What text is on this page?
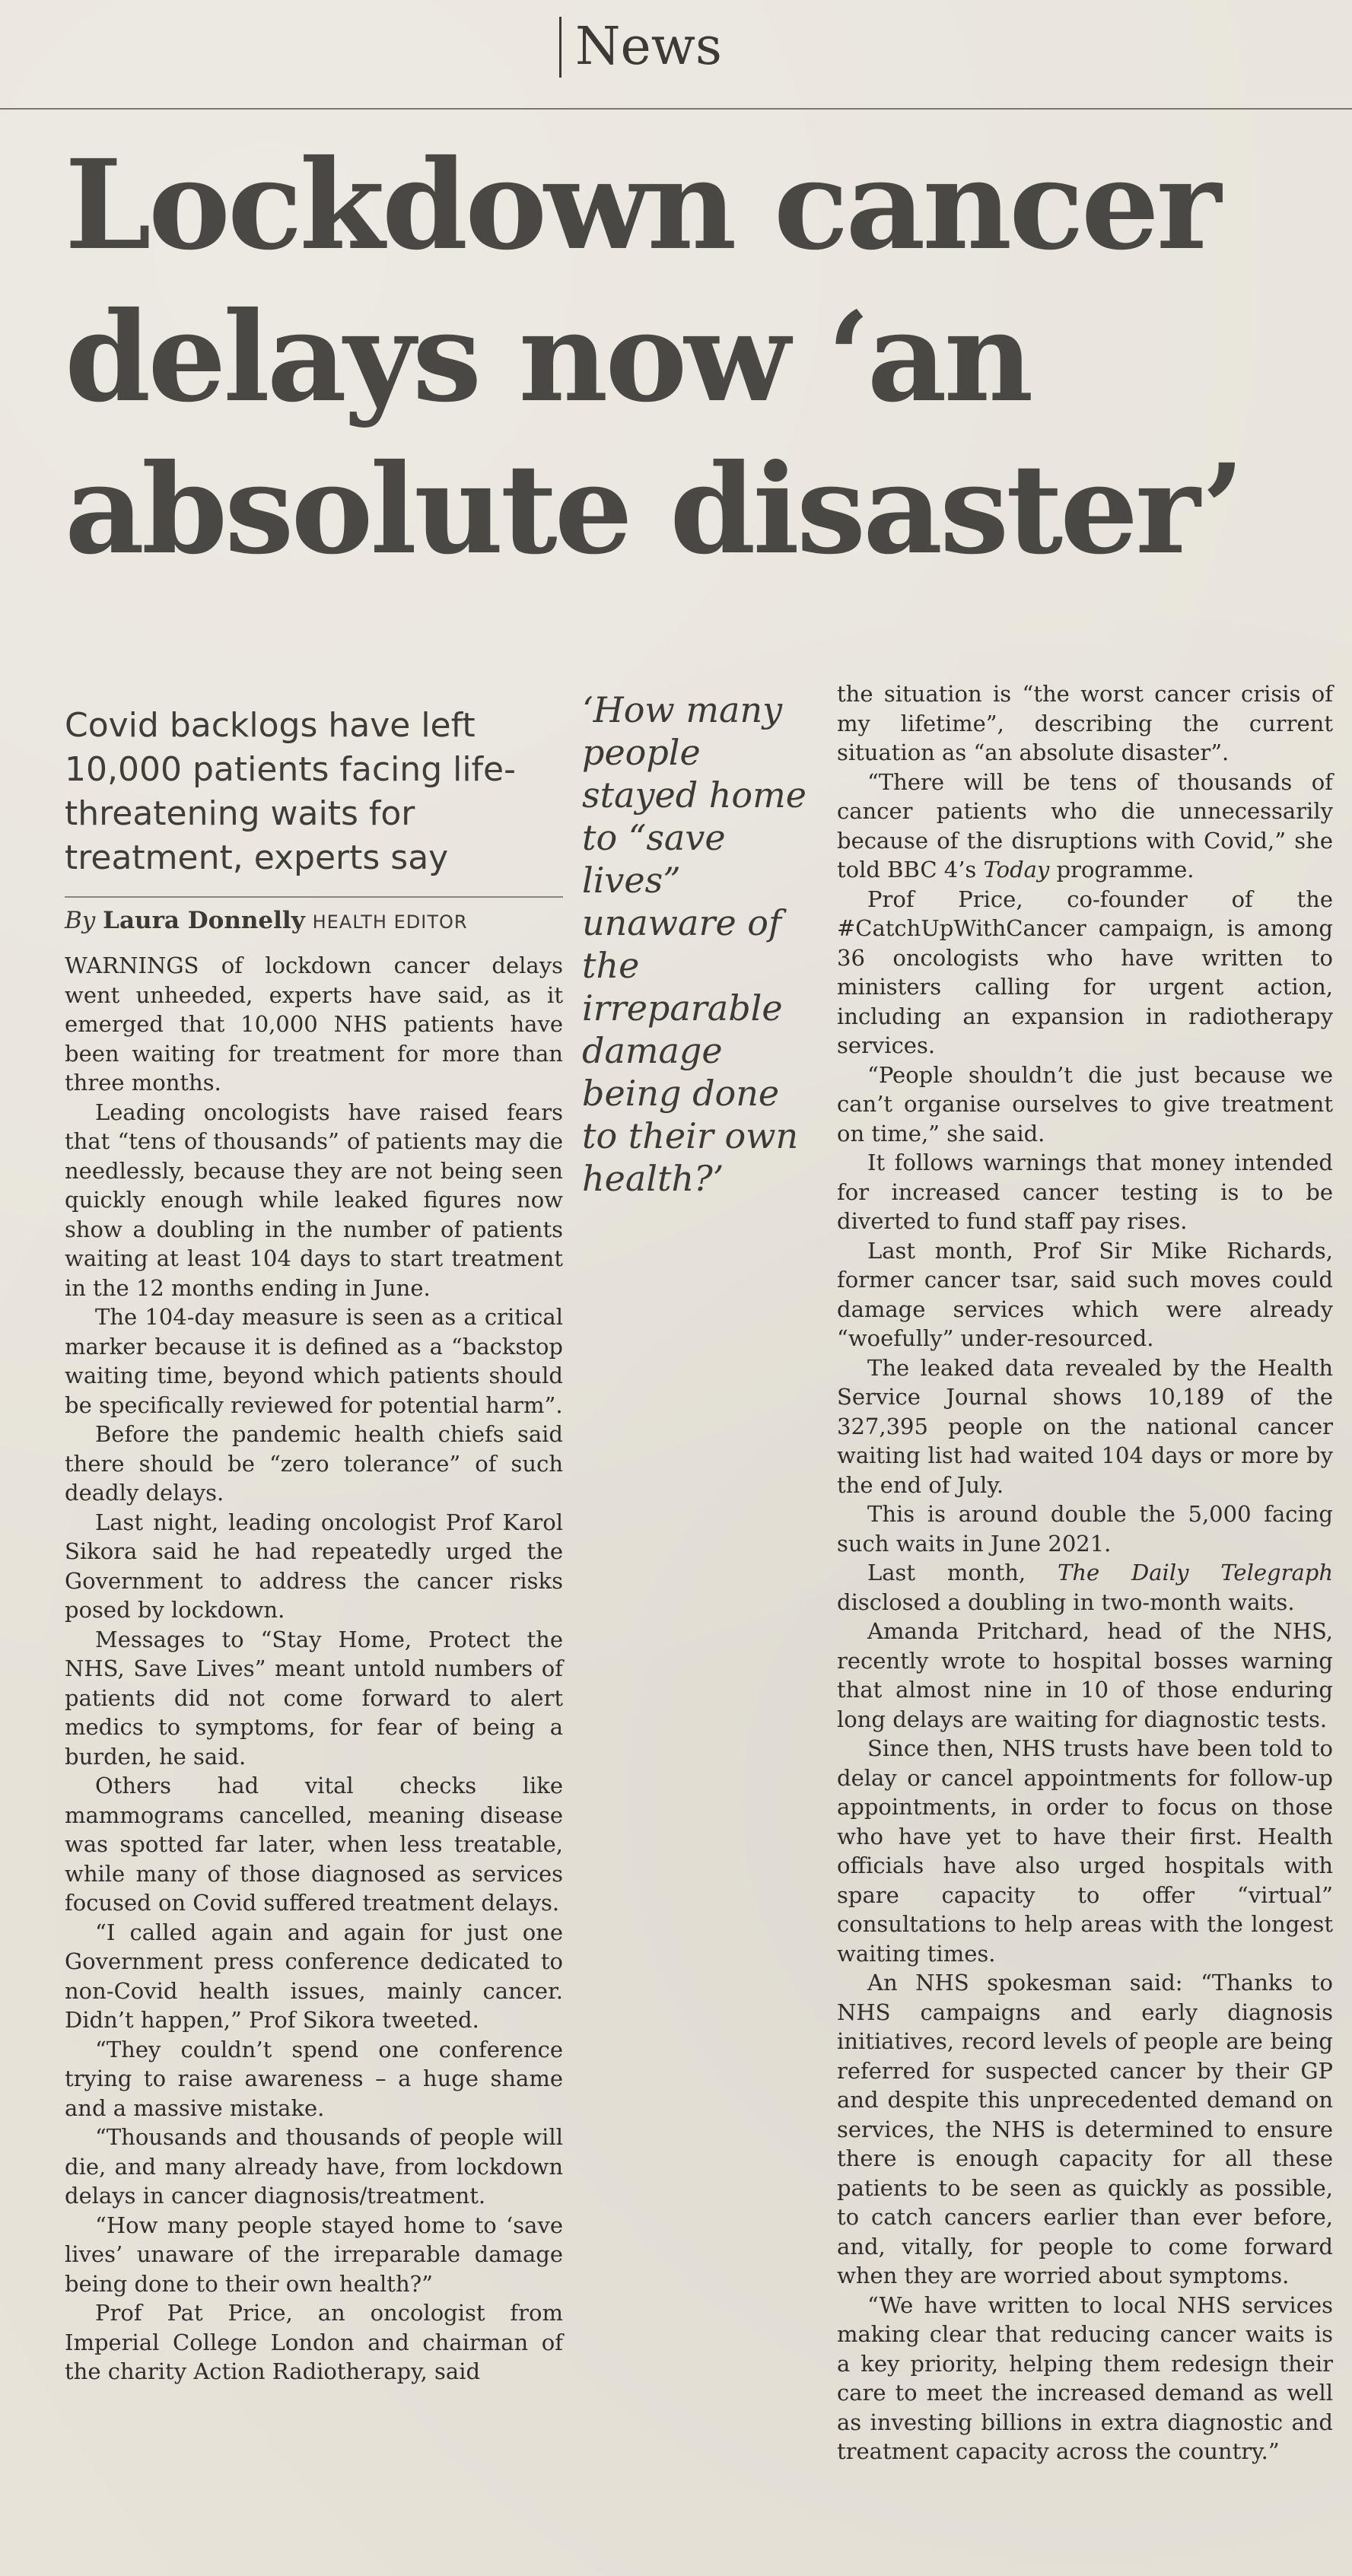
News
Lockdown cancer delays now ‘an absolute disaster’

Covid backlogs have left 10,000 patients facing life-threatening waits for treatment, experts say

By Laura Donnelly HEALTH EDITOR

WARNINGS of lockdown cancer delays went unheeded, experts have said, as it emerged that 10,000 NHS patients have been waiting for treatment for more than three months.

Leading oncologists have raised fears that “tens of thousands” of patients may die needlessly, because they are not being seen quickly enough while leaked figures now show a doubling in the number of patients waiting at least 104 days to start treatment in the 12 months ending in June.

The 104-day measure is seen as a critical marker because it is defined as a “backstop waiting time, beyond which patients should be specifically reviewed for potential harm”.

Before the pandemic health chiefs said there should be “zero tolerance” of such deadly delays.

Last night, leading oncologist Prof Karol Sikora said he had repeatedly urged the Government to address the cancer risks posed by lockdown.

Messages to “Stay Home, Protect the NHS, Save Lives” meant untold numbers of patients did not come forward to alert medics to symptoms, for fear of being a burden, he said.

Others had vital checks like mammograms cancelled, meaning disease was spotted far later, when less treatable, while many of those diagnosed as services focused on Covid suffered treatment delays.

“I called again and again for just one Government press conference dedicated to non-Covid health issues, mainly cancer. Didn’t happen,” Prof Sikora tweeted.

“They couldn’t spend one conference trying to raise awareness – a huge shame and a massive mistake.

“Thousands and thousands of people will die, and many already have, from lockdown delays in cancer diagnosis/treatment.

“How many people stayed home to ‘save lives’ unaware of the irreparable damage being done to their own health?”

Prof Pat Price, an oncologist from Imperial College London and chairman of the charity Action Radiotherapy, said

‘How many people stayed home to “save lives” unaware of the irreparable damage being done to their own health?’

the situation is “the worst cancer crisis of my lifetime”, describing the current situation as “an absolute disaster”.

“There will be tens of thousands of cancer patients who die unnecessarily because of the disruptions with Covid,” she told BBC 4’s Today programme.

Prof Price, co-founder of the #CatchUpWithCancer campaign, is among 36 oncologists who have written to ministers calling for urgent action, including an expansion in radiotherapy services.

“People shouldn’t die just because we can’t organise ourselves to give treatment on time,” she said.

It follows warnings that money intended for increased cancer testing is to be diverted to fund staff pay rises.

Last month, Prof Sir Mike Richards, former cancer tsar, said such moves could damage services which were already “woefully” under-resourced.

The leaked data revealed by the Health Service Journal shows 10,189 of the 327,395 people on the national cancer waiting list had waited 104 days or more by the end of July.

This is around double the 5,000 facing such waits in June 2021.

Last month, The Daily Telegraph disclosed a doubling in two-month waits.

Amanda Pritchard, head of the NHS, recently wrote to hospital bosses warning that almost nine in 10 of those enduring long delays are waiting for diagnostic tests.

Since then, NHS trusts have been told to delay or cancel appointments for follow-up appointments, in order to focus on those who have yet to have their first. Health officials have also urged hospitals with spare capacity to offer “virtual” consultations to help areas with the longest waiting times.

An NHS spokesman said: “Thanks to NHS campaigns and early diagnosis initiatives, record levels of people are being referred for suspected cancer by their GP and despite this unprecedented demand on services, the NHS is determined to ensure there is enough capacity for all these patients to be seen as quickly as possible, to catch cancers earlier than ever before, and, vitally, for people to come forward when they are worried about symptoms.

“We have written to local NHS services making clear that reducing cancer waits is a key priority, helping them redesign their care to meet the increased demand as well as investing billions in extra diagnostic and treatment capacity across the country.”
